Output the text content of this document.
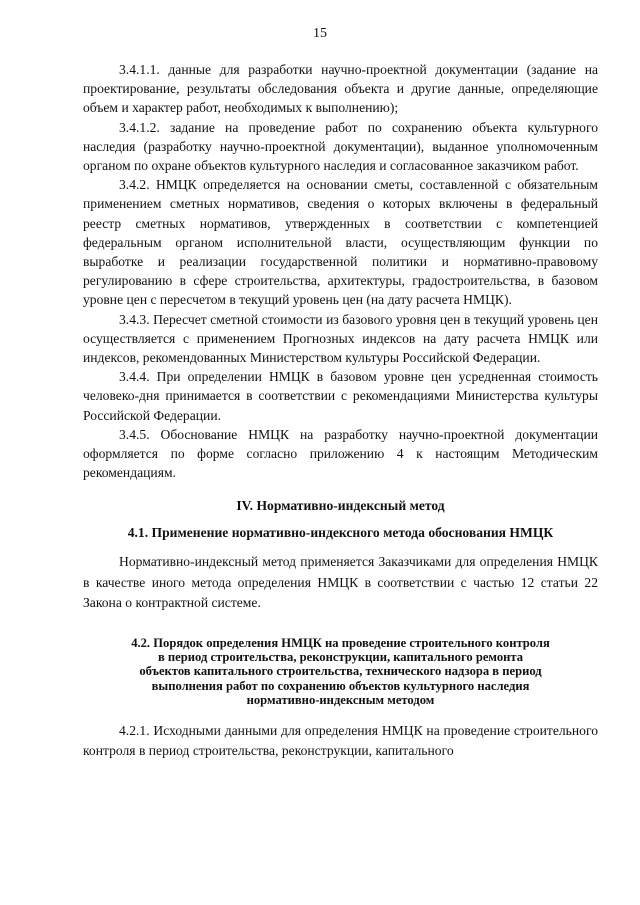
15

3.4.1.1. данные для разработки научно-проектной документации (задание на проектирование, результаты обследования объекта и другие данные, определяющие объем и характер работ, необходимых к выполнению);

3.4.1.2. задание на проведение работ по сохранению объекта культурного наследия (разработку научно-проектной документации), выданное уполномоченным органом по охране объектов культурного наследия и согласованное заказчиком работ.

3.4.2. НМЦК определяется на основании сметы, составленной с обязательным применением сметных нормативов, сведения о которых включены в федеральный реестр сметных нормативов, утвержденных в соответствии с компетенцией федеральным органом исполнительной власти, осуществляющим функции по выработке и реализации государственной политики и нормативно-правовому регулированию в сфере строительства, архитектуры, градостроительства, в базовом уровне цен с пересчетом в текущий уровень цен (на дату расчета НМЦК).

3.4.3. Пересчет сметной стоимости из базового уровня цен в текущий уровень цен осуществляется с применением Прогнозных индексов на дату расчета НМЦК или индексов, рекомендованных Министерством культуры Российской Федерации.

3.4.4. При определении НМЦК в базовом уровне цен усредненная стоимость человеко-дня принимается в соответствии с рекомендациями Министерства культуры Российской Федерации.

3.4.5. Обоснование НМЦК на разработку научно-проектной документации оформляется по форме согласно приложению 4 к настоящим Методическим рекомендациям.

IV. Нормативно-индексный метод
4.1. Применение нормативно-индексного метода обоснования НМЦК

Нормативно-индексный метод применяется Заказчиками для определения НМЦК в качестве иного метода определения НМЦК в соответствии с частью 12 статьи 22 Закона о контрактной системе.

4.2. Порядок определения НМЦК на проведение строительного контроля
в период строительства, реконструкции, капитального ремонта
объектов капитального строительства, технического надзора в период
выполнения работ по сохранению объектов культурного наследия
нормативно-индексным методом

4.2.1. Исходными данными для определения НМЦК на проведение строительного контроля в период строительства, реконструкции, капитального
